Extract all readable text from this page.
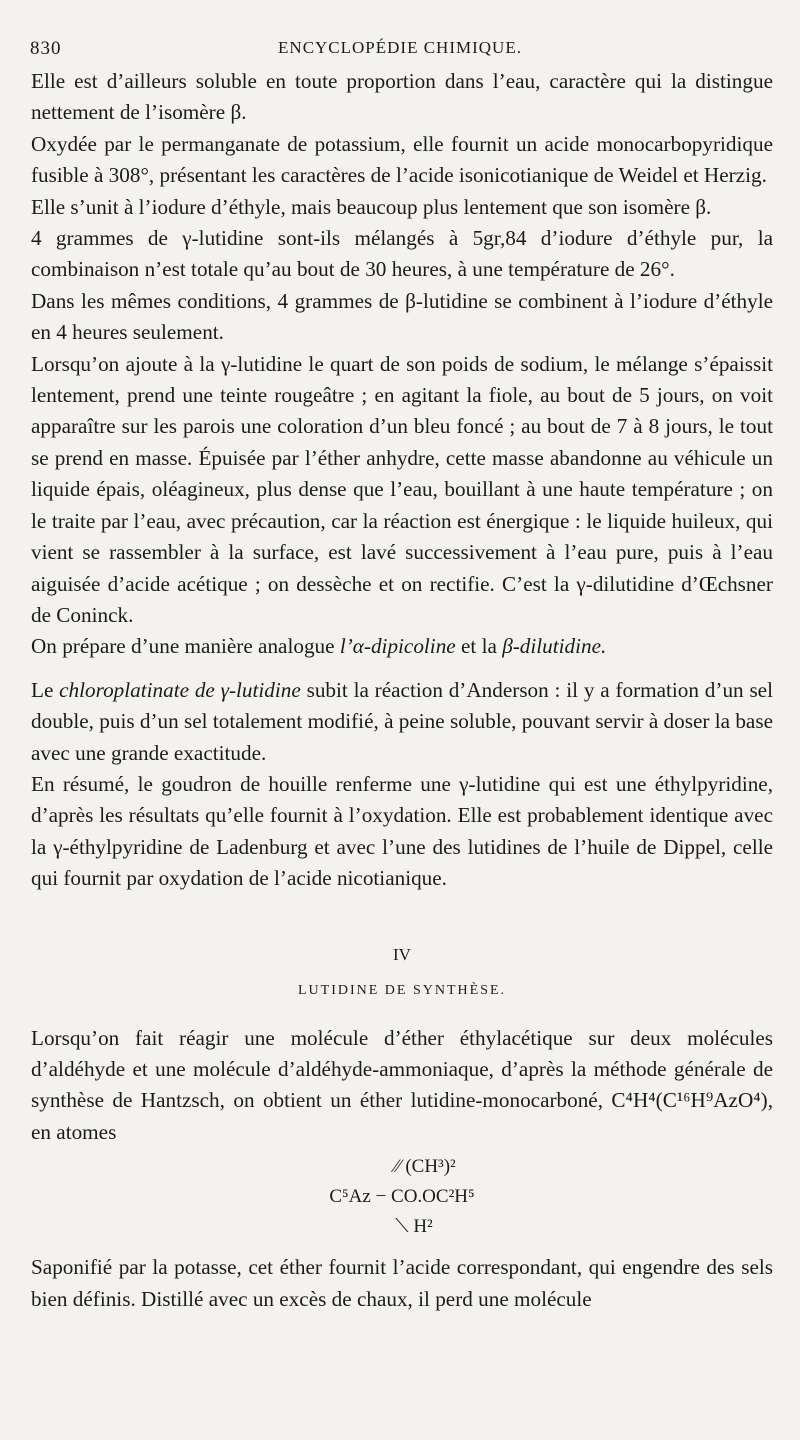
830	ENCYCLOPÉDIE CHIMIQUE.

Elle est d’ailleurs soluble en toute proportion dans l’eau, caractère qui la distingue nettement de l’isomère β.

Oxydée par le permanganate de potassium, elle fournit un acide monocarbopyridique fusible à 308°, présentant les caractères de l’acide isonicotianique de Weidel et Herzig.

Elle s’unit à l’iodure d’éthyle, mais beaucoup plus lentement que son isomère β.

4 grammes de γ-lutidine sont-ils mélangés à 5gr,84 d’iodure d’éthyle pur, la combinaison n’est totale qu’au bout de 30 heures, à une température de 26°.

Dans les mêmes conditions, 4 grammes de β-lutidine se combinent à l’iodure d’éthyle en 4 heures seulement.

Lorsqu’on ajoute à la γ-lutidine le quart de son poids de sodium, le mélange s’épaissit lentement, prend une teinte rougeâtre ; en agitant la fiole, au bout de 5 jours, on voit apparaître sur les parois une coloration d’un bleu foncé ; au bout de 7 à 8 jours, le tout se prend en masse. Épuisée par l’éther anhydre, cette masse abandonne au véhicule un liquide épais, oléagineux, plus dense que l’eau, bouillant à une haute température ; on le traite par l’eau, avec précaution, car la réaction est énergique : le liquide huileux, qui vient se rassembler à la surface, est lavé successivement à l’eau pure, puis à l’eau aiguisée d’acide acétique ; on dessèche et on rectifie. C’est la γ-dilutidine d’Œchsner de Coninck.

On prépare d’une manière analogue l’α-dipicoline et la β-dilutidine.

Le chloroplatinate de γ-lutidine subit la réaction d’Anderson : il y a formation d’un sel double, puis d’un sel totalement modifié, à peine soluble, pouvant servir à doser la base avec une grande exactitude.

En résumé, le goudron de houille renferme une γ-lutidine qui est une éthylpyridine, d’après les résultats qu’elle fournit à l’oxydation. Elle est probablement identique avec la γ-éthylpyridine de Ladenburg et avec l’une des lutidines de l’huile de Dippel, celle qui fournit par oxydation de l’acide nicotianique.

IV
LUTIDINE DE SYNTHÈSE.

Lorsqu’on fait réagir une molécule d’éther éthylacétique sur deux molécules d’aldéhyde et une molécule d’aldéhyde-ammoniaque, d’après la méthode générale de synthèse de Hantzsch, on obtient un éther lutidine-monocarboné, C⁴H⁴(C¹⁶H⁹AzO⁴), en atomes

⁄⁄ (CH³)²
C⁵Az − CO.OC²H⁵
⟍ H²

Saponifié par la potasse, cet éther fournit l’acide correspondant, qui engendre des sels bien définis. Distillé avec un excès de chaux, il perd une molécule
